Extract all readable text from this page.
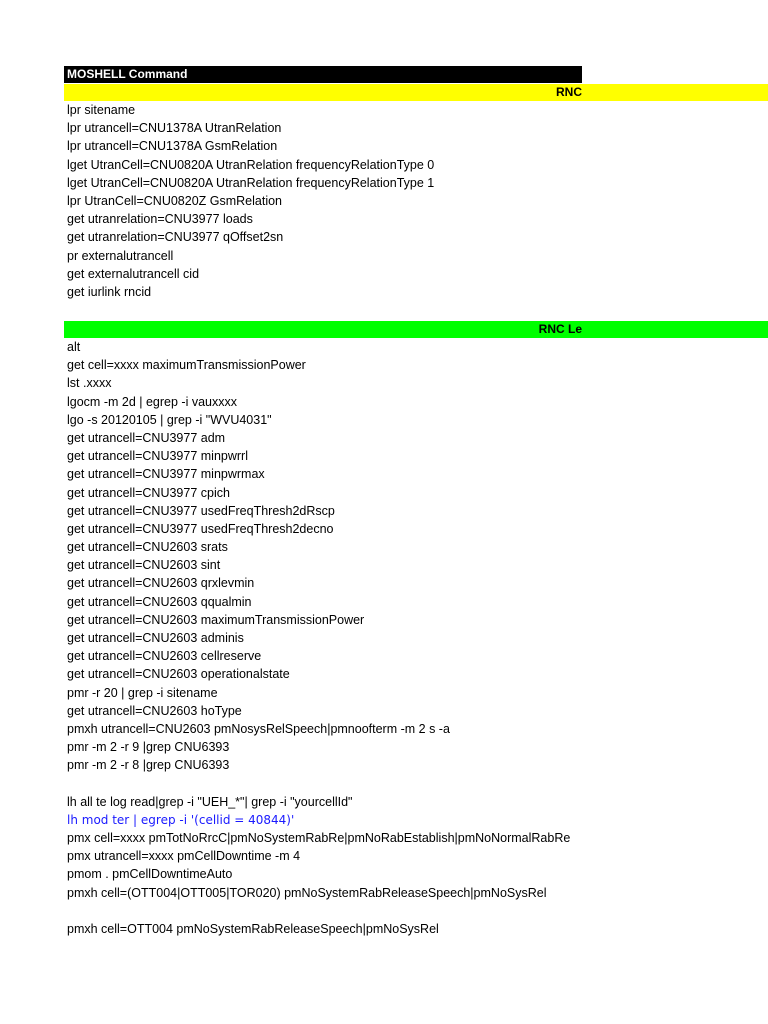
MOSHELL Command
RNC
lpr sitename
lpr utrancell=CNU1378A UtranRelation
lpr utrancell=CNU1378A GsmRelation
lget UtranCell=CNU0820A UtranRelation frequencyRelationType 0
lget UtranCell=CNU0820A UtranRelation frequencyRelationType 1
lpr UtranCell=CNU0820Z GsmRelation
get utranrelation=CNU3977 loads
get utranrelation=CNU3977 qOffset2sn
pr externalutrancell
get externalutrancell cid
get iurlink rncid
RNC Le
alt
get cell=xxxx maximumTransmissionPower
lst .xxxx
lgocm -m 2d | egrep -i vauxxxx
lgo -s 20120105 | grep -i "WVU4031"
get utrancell=CNU3977 adm
get utrancell=CNU3977 minpwrrl
get utrancell=CNU3977 minpwrmax
get utrancell=CNU3977 cpich
get utrancell=CNU3977 usedFreqThresh2dRscp
get utrancell=CNU3977 usedFreqThresh2decno
get utrancell=CNU2603 srats
get utrancell=CNU2603 sint
get utrancell=CNU2603 qrxlevmin
get utrancell=CNU2603 qqualmin
get utrancell=CNU2603 maximumTransmissionPower
get utrancell=CNU2603 adminis
get utrancell=CNU2603 cellreserve
get utrancell=CNU2603 operationalstate
pmr -r 20 | grep -i sitename
get utrancell=CNU2603 hoType
pmxh utrancell=CNU2603 pmNosysRelSpeech|pmnoofterm -m 2 s -a
pmr -m 2 -r 9 |grep CNU6393
pmr -m 2 -r 8 |grep CNU6393
lh all te log read|grep -i "UEH_*"| grep -i "yourcellId"
lh mod ter | egrep -i '(cellid = 40844)'
pmx cell=xxxx pmTotNoRrcC|pmNoSystemRabRe|pmNoRabEstablish|pmNoNormalRabRe
pmx utrancell=xxxx pmCellDowntime -m 4
pmom . pmCellDowntimeAuto
pmxh cell=(OTT004|OTT005|TOR020) pmNoSystemRabReleaseSpeech|pmNoSysRel
pmxh cell=OTT004 pmNoSystemRabReleaseSpeech|pmNoSysRel
